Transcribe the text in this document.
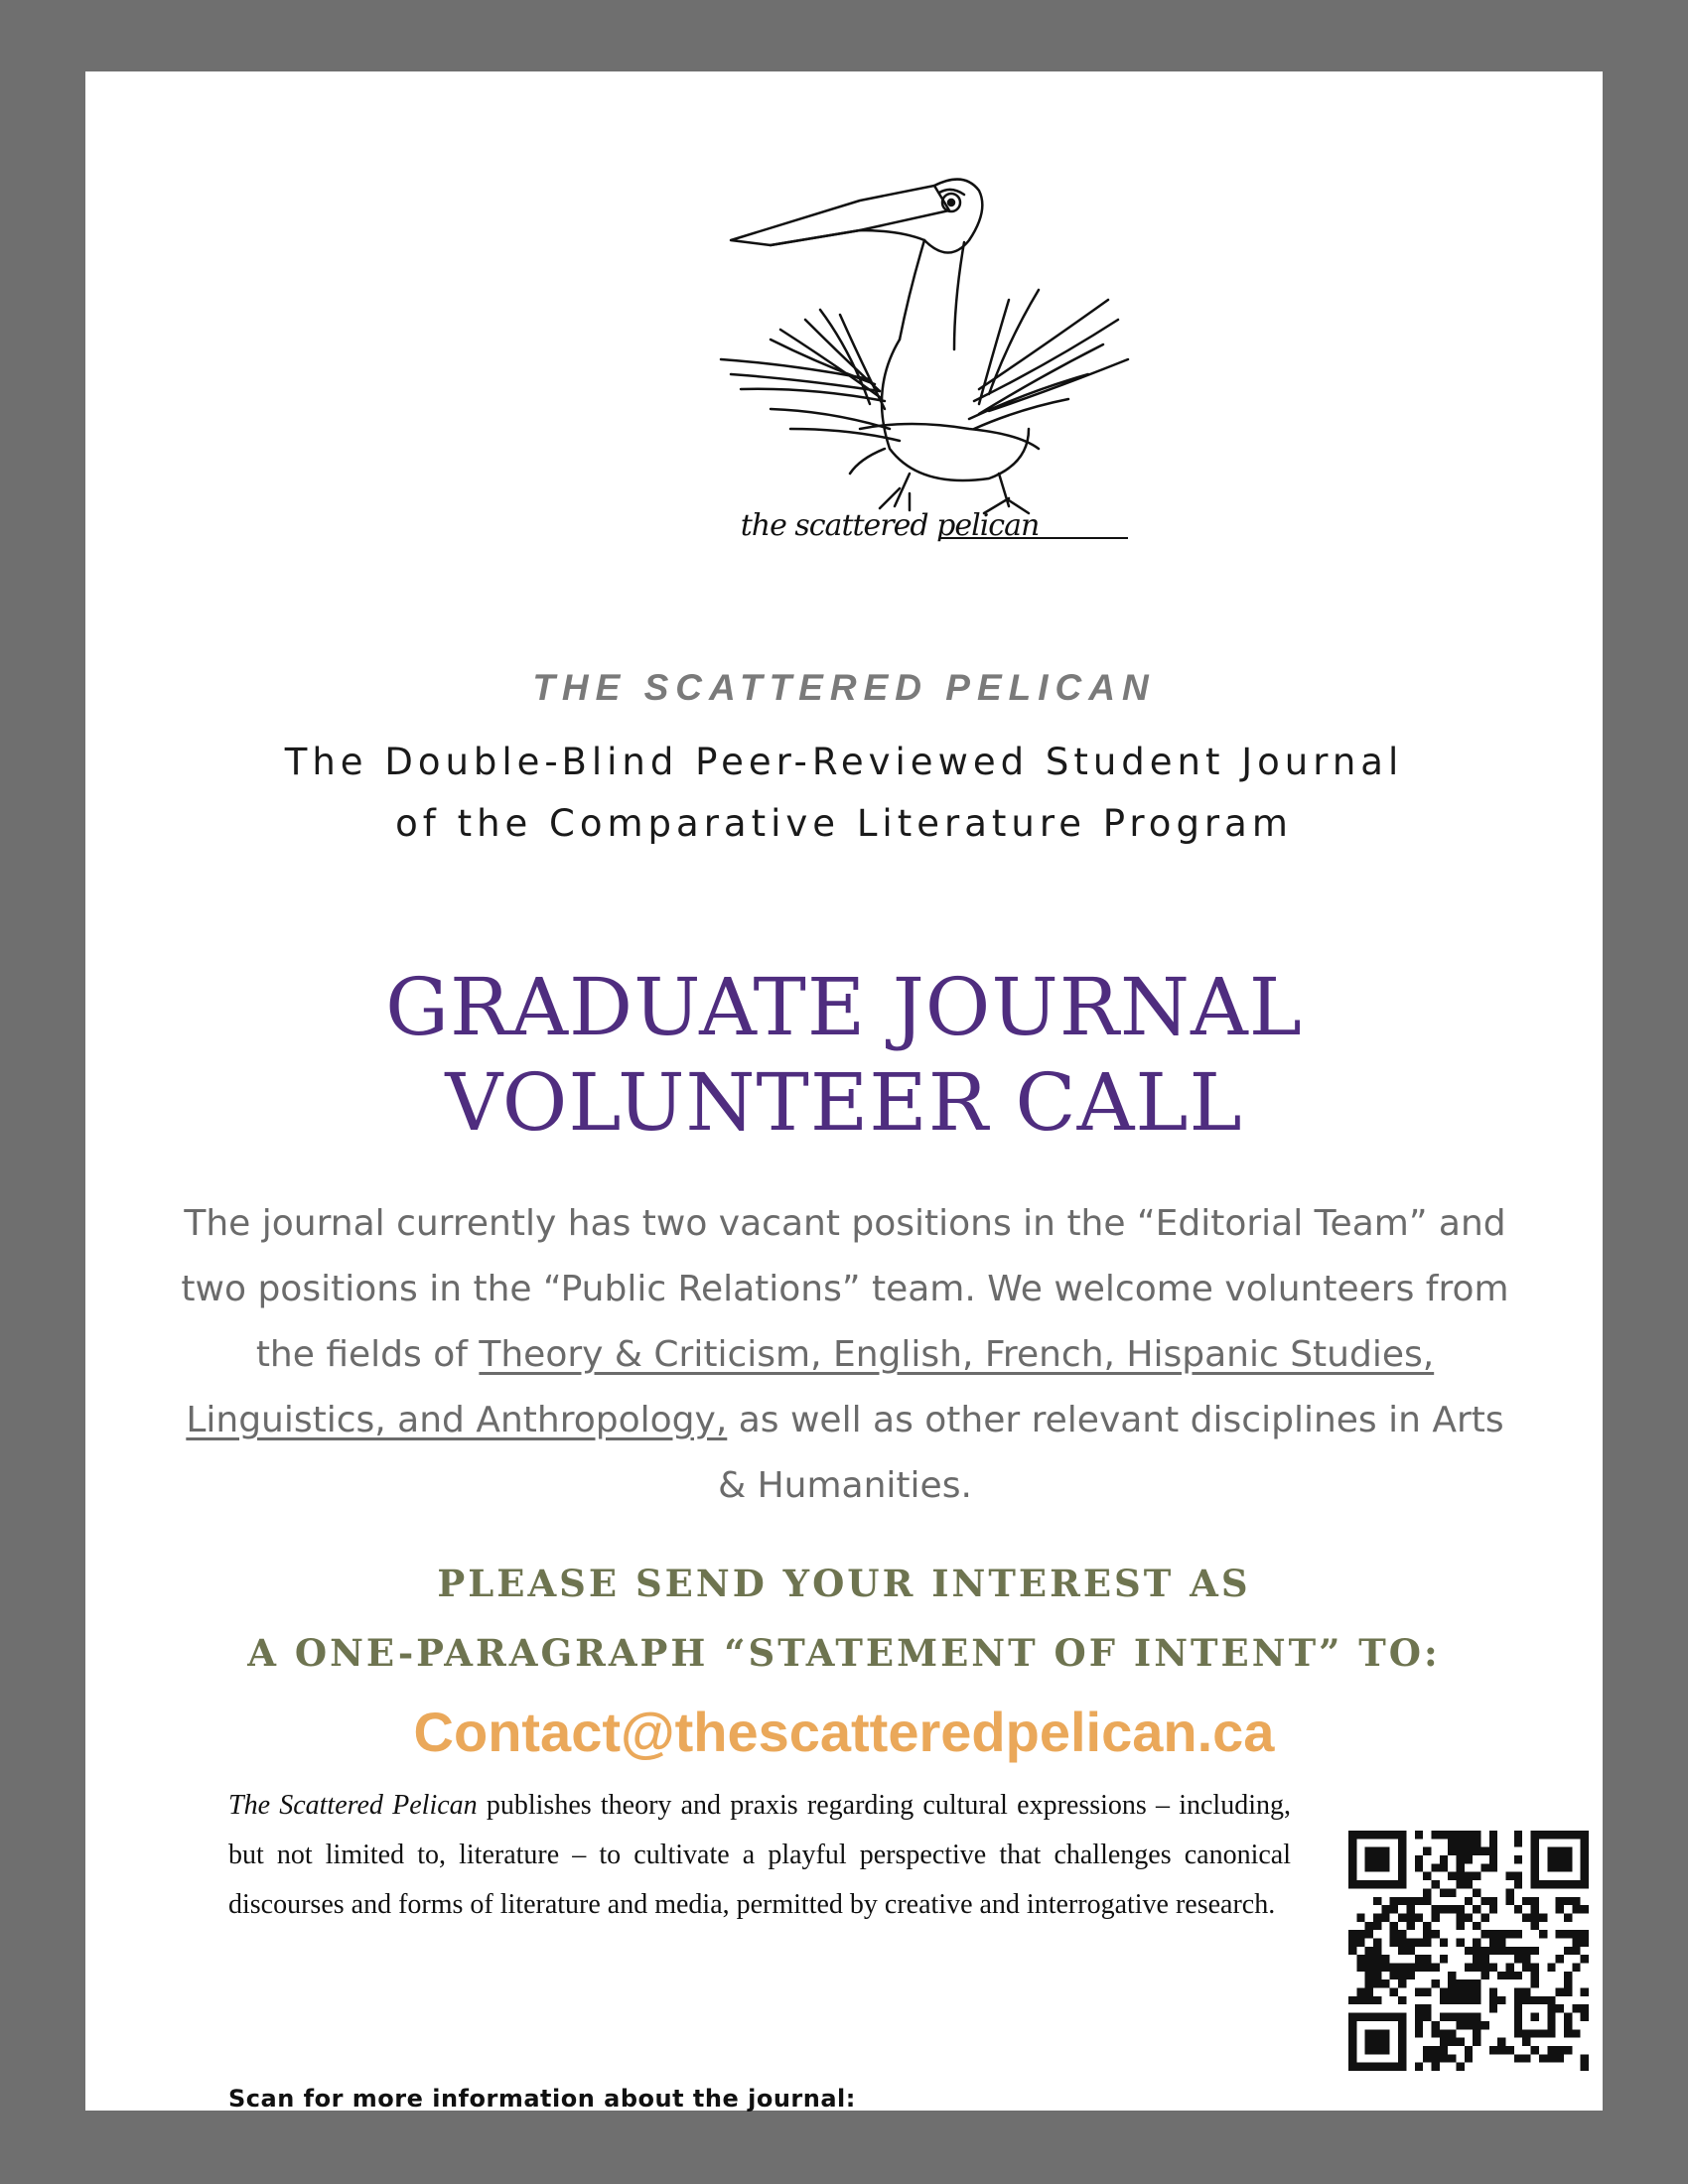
the scattered pelican
THE SCATTERED PELICAN
The Double-Blind Peer-Reviewed Student Journal
of the Comparative Literature Program
GRADUATE JOURNAL
VOLUNTEER CALL
The journal currently has two vacant positions in the “Editorial Team” and two positions in the “Public Relations” team. We welcome volunteers from the fields of Theory & Criticism, English, French, Hispanic Studies, Linguistics, and Anthropology, as well as other relevant disciplines in Arts & Humanities.
PLEASE SEND YOUR INTEREST AS
A ONE-PARAGRAPH “STATEMENT OF INTENT” TO:
Contact@thescatteredpelican.ca
The Scattered Pelican publishes theory and praxis regarding cultural expressions – including, but not limited to, literature – to cultivate a playful perspective that challenges canonical discourses and forms of literature and media, permitted by creative and interrogative research.
Scan for more information about the journal:
